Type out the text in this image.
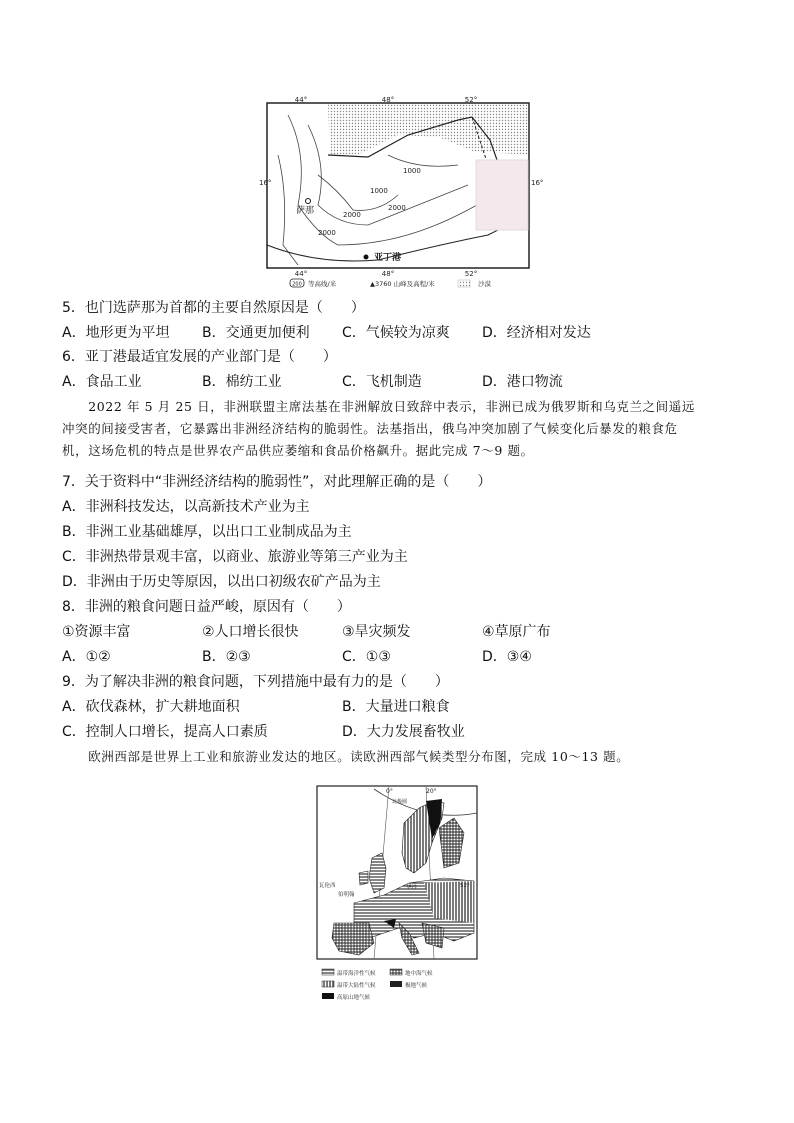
44°	48°	52°
16°	16°
1000
1000
2000
2000
2000
萨那
亚丁港
44°	48°	52°
200 等高线/米	▲3760 山峰及高程/米	沙漠
5．也门选萨那为首都的主要自然原因是（　　）
A．地形更为平坦 B．交通更加便利 C．气候较为凉爽 D．经济相对发达
6．亚丁港最适宜发展的产业部门是（　　）
A．食品工业	B．棉纺工业	C．飞机制造	D．港口物流
　　2022 年 5 月 25 日，非洲联盟主席法基在非洲解放日致辞中表示，非洲已成为俄罗斯和乌克兰之间遥远
冲突的间接受害者，它暴露出非洲经济结构的脆弱性。法基指出，俄乌冲突加剧了气候变化后暴发的粮食危
机，这场危机的特点是世界农产品供应萎缩和食品价格飙升。据此完成 7～9 题。
7．关于资料中“非洲经济结构的脆弱性”，对此理解正确的是（　　）
A．非洲科技发达，以高新技术产业为主
B．非洲工业基础雄厚，以出口工业制成品为主
C．非洲热带景观丰富，以商业、旅游业等第三产业为主
D．非洲由于历史等原因，以出口初级农矿产品为主
8．非洲的粮食问题日益严峻，原因有（　　）
①资源丰富	②人口增长很快	③旱灾频发	④草原广布
A．①②	B．②③	C．①③	D．③④
9．为了解决非洲的粮食问题，下列措施中最有力的是（　　）
A．砍伐森林，扩大耕地面积	B．大量进口粮食
C．控制人口增长，提高人口素质	D．大力发展畜牧业
　　欧洲西部是世界上工业和旅游业发达的地区。读欧洲西部气候类型分布图，完成 10～13 题。
0°	20°
北极圈
瓦伦西
伯明翰
华沙	52°
温带海洋性气候	地中海气候
温带大陆性气候	极地气候
高原山地气候
